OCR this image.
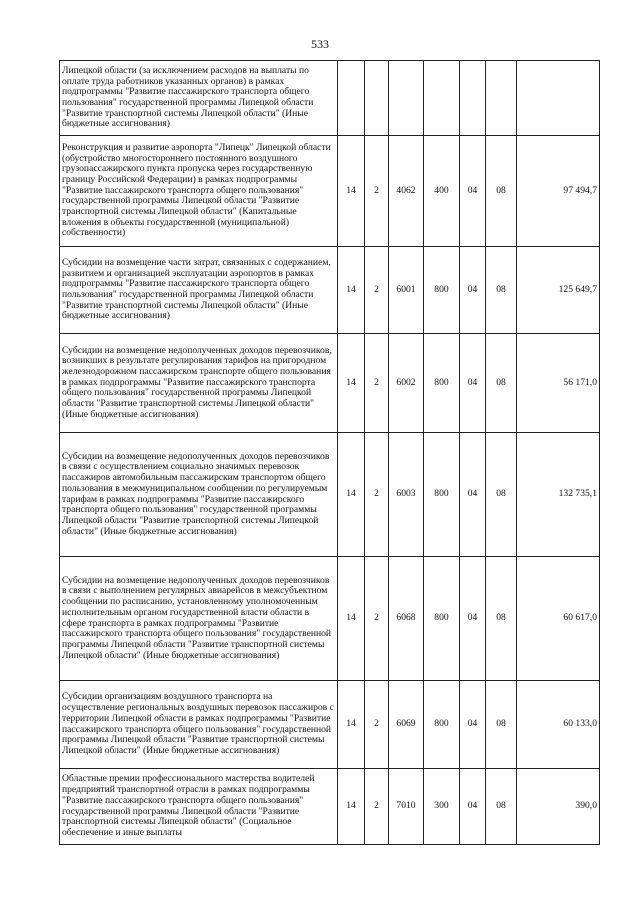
533
Липецкой области (за исключением расходов на выплаты по оплате труда работников указанных органов) в рамках подпрограммы "Развитие пассажирского транспорта общего пользования" государственной программы Липецкой области "Развитие транспортной системы Липецкой области" (Иные бюджетные ассигнования)							
Реконструкция и развитие аэропорта "Липецк" Липецкой области (обустройство многостороннего постоянного воздушного грузопассажирского пункта пропуска через государственную границу Российской Федерации) в рамках подпрограммы "Развитие пассажирского транспорта общего пользования" государственной программы Липецкой области "Развитие транспортной системы Липецкой области" (Капитальные вложения в объекты государственной (муниципальной) собственности)	14	2	4062	400	04	08	97 494,7
Субсидии на возмещение части затрат, связанных с содержанием, развитием и организацией эксплуатации аэропортов в рамках подпрограммы "Развитие пассажирского транспорта общего пользования" государственной программы Липецкой области "Развитие транспортной системы Липецкой области" (Иные бюджетные ассигнования)	14	2	6001	800	04	08	125 649,7
Субсидии на возмещение недополученных доходов перевозчиков, возникших в результате регулирования тарифов на пригородном железнодорожном пассажирском транспорте общего пользования в рамках подпрограммы "Развитие пассажирского транспорта общего пользования" государственной программы Липецкой области "Развитие транспортной системы Липецкой области" (Иные бюджетные ассигнования)	14	2	6002	800	04	08	56 171,0
Субсидии на возмещение недополученных доходов перевозчиков в связи с осуществлением социально значимых перевозок пассажиров автомобильным пассажирским транспортом общего пользования в межмуниципальном сообщении по регулируемым тарифам в рамках подпрограммы "Развитие пассажирского транспорта общего пользования" государственной программы Липецкой области "Развитие транспортной системы Липецкой области" (Иные бюджетные ассигнования)	14	2	6003	800	04	08	132 735,1
Субсидии на возмещение недополученных доходов перевозчиков в связи с выполнением регулярных авиарейсов в межсубъектном сообщении по расписанию, установленному уполномоченным исполнительным органом государственной власти области в сфере транспорта в рамках подпрограммы "Развитие пассажирского транспорта общего пользования" государственной программы Липецкой области "Развитие транспортной системы Липецкой области" (Иные бюджетные ассигнования)	14	2	6068	800	04	08	60 617,0
Субсидии организациям воздушного транспорта на осуществление региональных воздушных перевозок пассажиров с территории Липецкой области в рамках подпрограммы "Развитие пассажирского транспорта общего пользования" государственной программы Липецкой области "Развитие транспортной системы Липецкой области" (Иные бюджетные ассигнования)	14	2	6069	800	04	08	60 133,0
Областные премии профессионального мастерства водителей предприятий транспортной отрасли в рамках подпрограммы "Развитие пассажирского транспорта общего пользования" государственной программы Липецкой области "Развитие транспортной системы Липецкой области" (Социальное обеспечение и иные выплаты	14	2	7010	300	04	08	390,0
